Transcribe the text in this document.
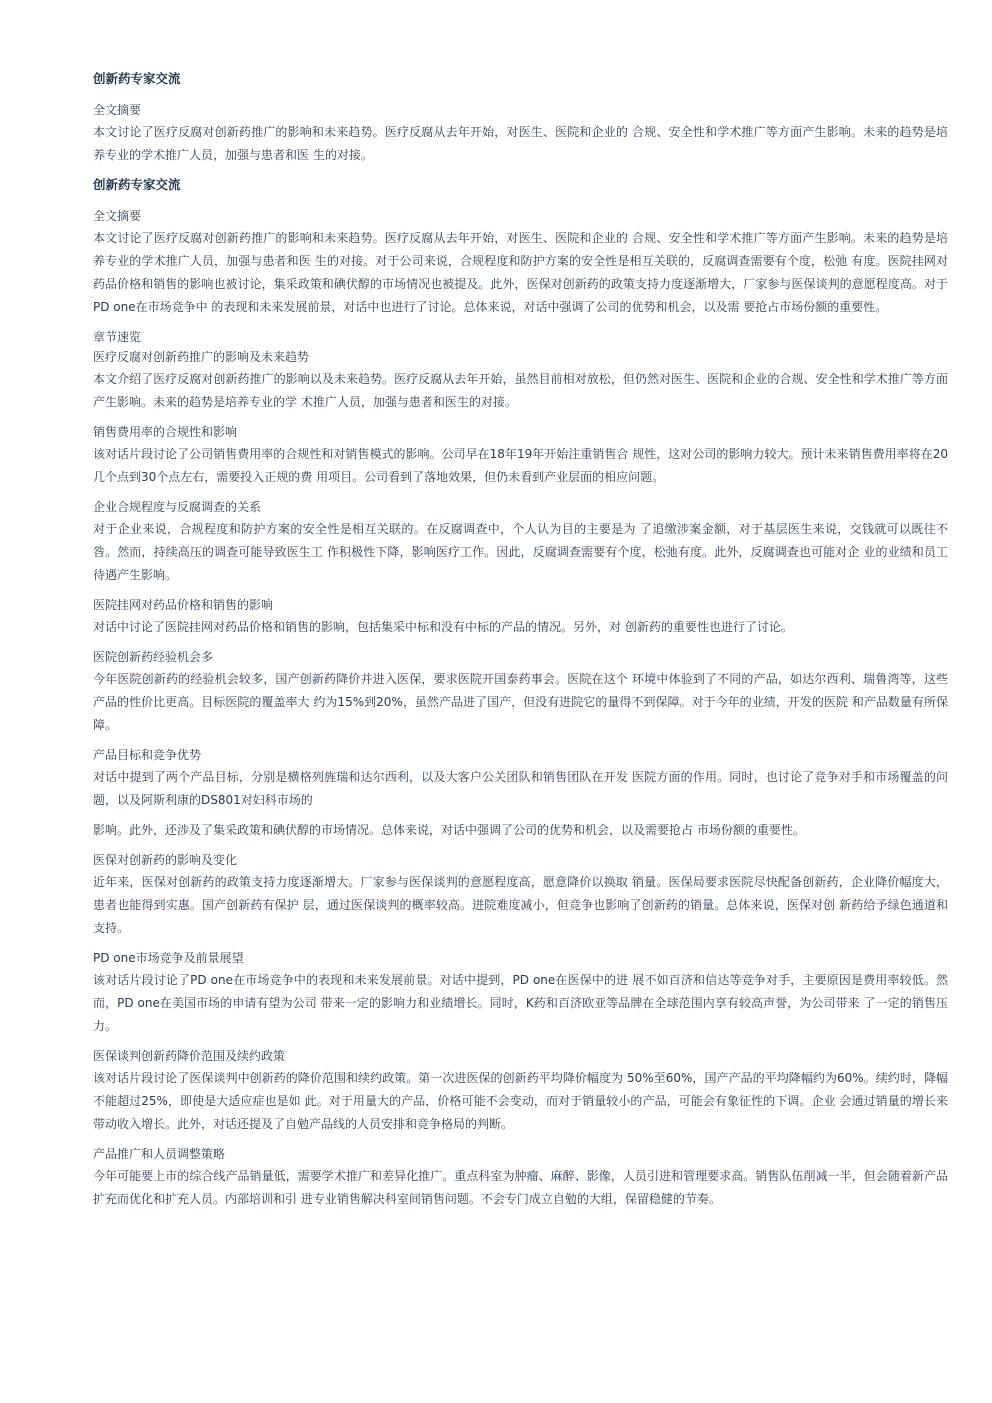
创新药专家交流
全文摘要

本文讨论了医疗反腐对创新药推广的影响和未来趋势。医疗反腐从去年开始，对医生、医院和企业的 合规、安全性和学术推广等方面产生影响。未来的趋势是培养专业的学术推广人员，加强与患者和医 生的对接。

创新药专家交流
全文摘要

本文讨论了医疗反腐对创新药推广的影响和未来趋势。医疗反腐从去年开始，对医生、医院和企业的 合规、安全性和学术推广等方面产生影响。未来的趋势是培养专业的学术推广人员，加强与患者和医 生的对接。对于公司来说，合规程度和防护方案的安全性是相互关联的，反腐调查需要有个度，松弛 有度。医院挂网对药品价格和销售的影响也被讨论，集采政策和碘伏醇的市场情况也被提及。此外，医保对创新药的政策支持力度逐渐增大，厂家参与医保谈判的意愿程度高。对于PD one在市场竞争中 的表现和未来发展前景，对话中也进行了讨论。总体来说，对话中强调了公司的优势和机会，以及需 要抢占市场份额的重要性。

章节速览
医疗反腐对创新药推广的影响及未来趋势

本文介绍了医疗反腐对创新药推广的影响以及未来趋势。医疗反腐从去年开始，虽然目前相对放松，但仍然对医生、医院和企业的合规、安全性和学术推广等方面产生影响。未来的趋势是培养专业的学 术推广人员，加强与患者和医生的对接。

销售费用率的合规性和影响

该对话片段讨论了公司销售费用率的合规性和对销售模式的影响。公司早在18年19年开始注重销售合 规性，这对公司的影响力较大。预计未来销售费用率将在20几个点到30个点左右，需要投入正规的费 用项目。公司看到了落地效果，但仍未看到产业层面的相应问题。

企业合规程度与反腐调查的关系

对于企业来说，合规程度和防护方案的安全性是相互关联的。在反腐调查中，个人认为目的主要是为 了追缴涉案金额，对于基层医生来说，交钱就可以既往不咎。然而，持续高压的调查可能导致医生工 作积极性下降，影响医疗工作。因此，反腐调查需要有个度，松弛有度。此外，反腐调查也可能对企 业的业绩和员工待遇产生影响。

医院挂网对药品价格和销售的影响

对话中讨论了医院挂网对药品价格和销售的影响，包括集采中标和没有中标的产品的情况。另外，对 创新药的重要性也进行了讨论。

医院创新药经验机会多

今年医院创新药的经验机会较多，国产创新药降价并进入医保，要求医院开国泰药事会。医院在这个 环境中体验到了不同的产品，如达尔西利、瑞鲁湾等，这些产品的性价比更高。目标医院的覆盖率大 约为15%到20%，虽然产品进了国产，但没有进院它的量得不到保障。对于今年的业绩，开发的医院 和产品数量有所保障。

产品目标和竞争优势

对话中提到了两个产品目标，分别是横格列旌瑞和达尔西利，以及大客户公关团队和销售团队在开发 医院方面的作用。同时，也讨论了竞争对手和市场覆盖的问题，以及阿斯利康的DS801对妇科市场的

影响。此外，还涉及了集采政策和碘伏醇的市场情况。总体来说，对话中强调了公司的优势和机会，以及需要抢占 市场份额的重要性。

医保对创新药的影响及变化

近年来，医保对创新药的政策支持力度逐渐增大。厂家参与医保谈判的意愿程度高，愿意降价以换取 销量。医保局要求医院尽快配备创新药，企业降价幅度大，患者也能得到实惠。国产创新药有保护 层，通过医保谈判的概率较高。进院难度减小，但竞争也影响了创新药的销量。总体来说，医保对创 新药给予绿色通道和支持。

PD one市场竞争及前景展望

该对话片段讨论了PD one在市场竞争中的表现和未来发展前景。对话中提到，PD one在医保中的进 展不如百济和信达等竞争对手，主要原因是费用率较低。然而，PD one在美国市场的申请有望为公司 带来一定的影响力和业绩增长。同时，K药和百济欧亚等品牌在全球范围内享有较高声誉，为公司带来 了一定的销售压力。

医保谈判创新药降价范围及续约政策

该对话片段讨论了医保谈判中创新药的降价范围和续约政策。第一次进医保的创新药平均降价幅度为 50%至60%，国产产品的平均降幅约为60%。续约时，降幅不能超过25%，即使是大适应症也是如 此。对于用量大的产品，价格可能不会变动，而对于销量较小的产品，可能会有象征性的下调。企业 会通过销量的增长来带动收入增长。此外，对话还提及了自勉产品线的人员安排和竞争格局的判断。

产品推广和人员调整策略

今年可能要上市的综合线产品销量低，需要学术推广和差异化推广。重点科室为肿瘤、麻醉、影像，人员引进和管理要求高。销售队伍削减一半，但会随着新产品扩充而优化和扩充人员。内部培训和引 进专业销售解决科室间销售问题。不会专门成立自勉的大组，保留稳健的节奏。
